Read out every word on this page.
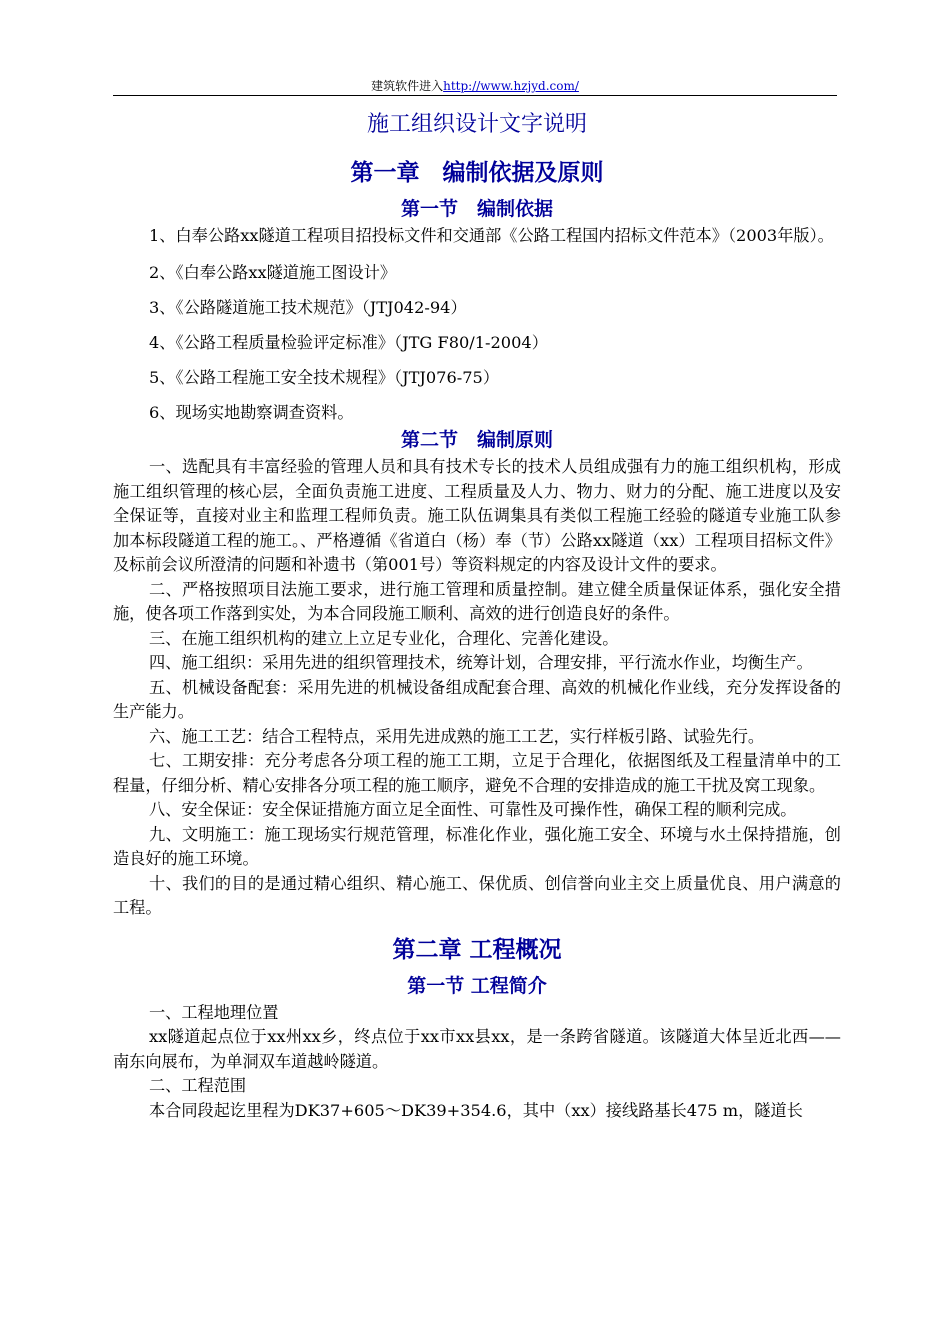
建筑软件进入http://www.hzjyd.com/
施工组织设计文字说明
第一章　编制依据及原则
第一节　编制依据

1、白奉公路xx隧道工程项目招投标文件和交通部《公路工程国内招标文件范本》（2003年版）。

2、《白奉公路xx隧道施工图设计》

3、《公路隧道施工技术规范》（JTJ042-94）

4、《公路工程质量检验评定标准》（JTG F80/1-2004）

5、《公路工程施工安全技术规程》（JTJ076-75）

6、现场实地勘察调查资料。

第二节　编制原则

一、选配具有丰富经验的管理人员和具有技术专长的技术人员组成强有力的施工组织机构，形成施工组织管理的核心层，全面负责施工进度、工程质量及人力、物力、财力的分配、施工进度以及安全保证等，直接对业主和监理工程师负责。施工队伍调集具有类似工程施工经验的隧道专业施工队参加本标段隧道工程的施工。、严格遵循《省道白（杨）奉（节）公路xx隧道（xx）工程项目招标文件》及标前会议所澄清的问题和补遗书（第001号）等资料规定的内容及设计文件的要求。

二、严格按照项目法施工要求，进行施工管理和质量控制。建立健全质量保证体系，强化安全措施，使各项工作落到实处，为本合同段施工顺利、高效的进行创造良好的条件。

三、在施工组织机构的建立上立足专业化，合理化、完善化建设。

四、施工组织：采用先进的组织管理技术，统筹计划，合理安排，平行流水作业，均衡生产。

五、机械设备配套：采用先进的机械设备组成配套合理、高效的机械化作业线，充分发挥设备的生产能力。

六、施工工艺：结合工程特点，采用先进成熟的施工工艺，实行样板引路、试验先行。

七、工期安排：充分考虑各分项工程的施工工期，立足于合理化，依据图纸及工程量清单中的工程量，仔细分析、精心安排各分项工程的施工顺序，避免不合理的安排造成的施工干扰及窝工现象。

八、安全保证：安全保证措施方面立足全面性、可靠性及可操作性，确保工程的顺利完成。

九、文明施工：施工现场实行规范管理，标准化作业，强化施工安全、环境与水土保持措施，创造良好的施工环境。

十、我们的目的是通过精心组织、精心施工、保优质、创信誉向业主交上质量优良、用户满意的工程。

第二章 工程概况
第一节 工程简介

一、工程地理位置

xx隧道起点位于xx州xx乡，终点位于xx市xx县xx，是一条跨省隧道。该隧道大体呈近北西——南东向展布，为单洞双车道越岭隧道。

二、工程范围

本合同段起讫里程为DK37+605～DK39+354.6，其中（xx）接线路基长475 m，隧道长
